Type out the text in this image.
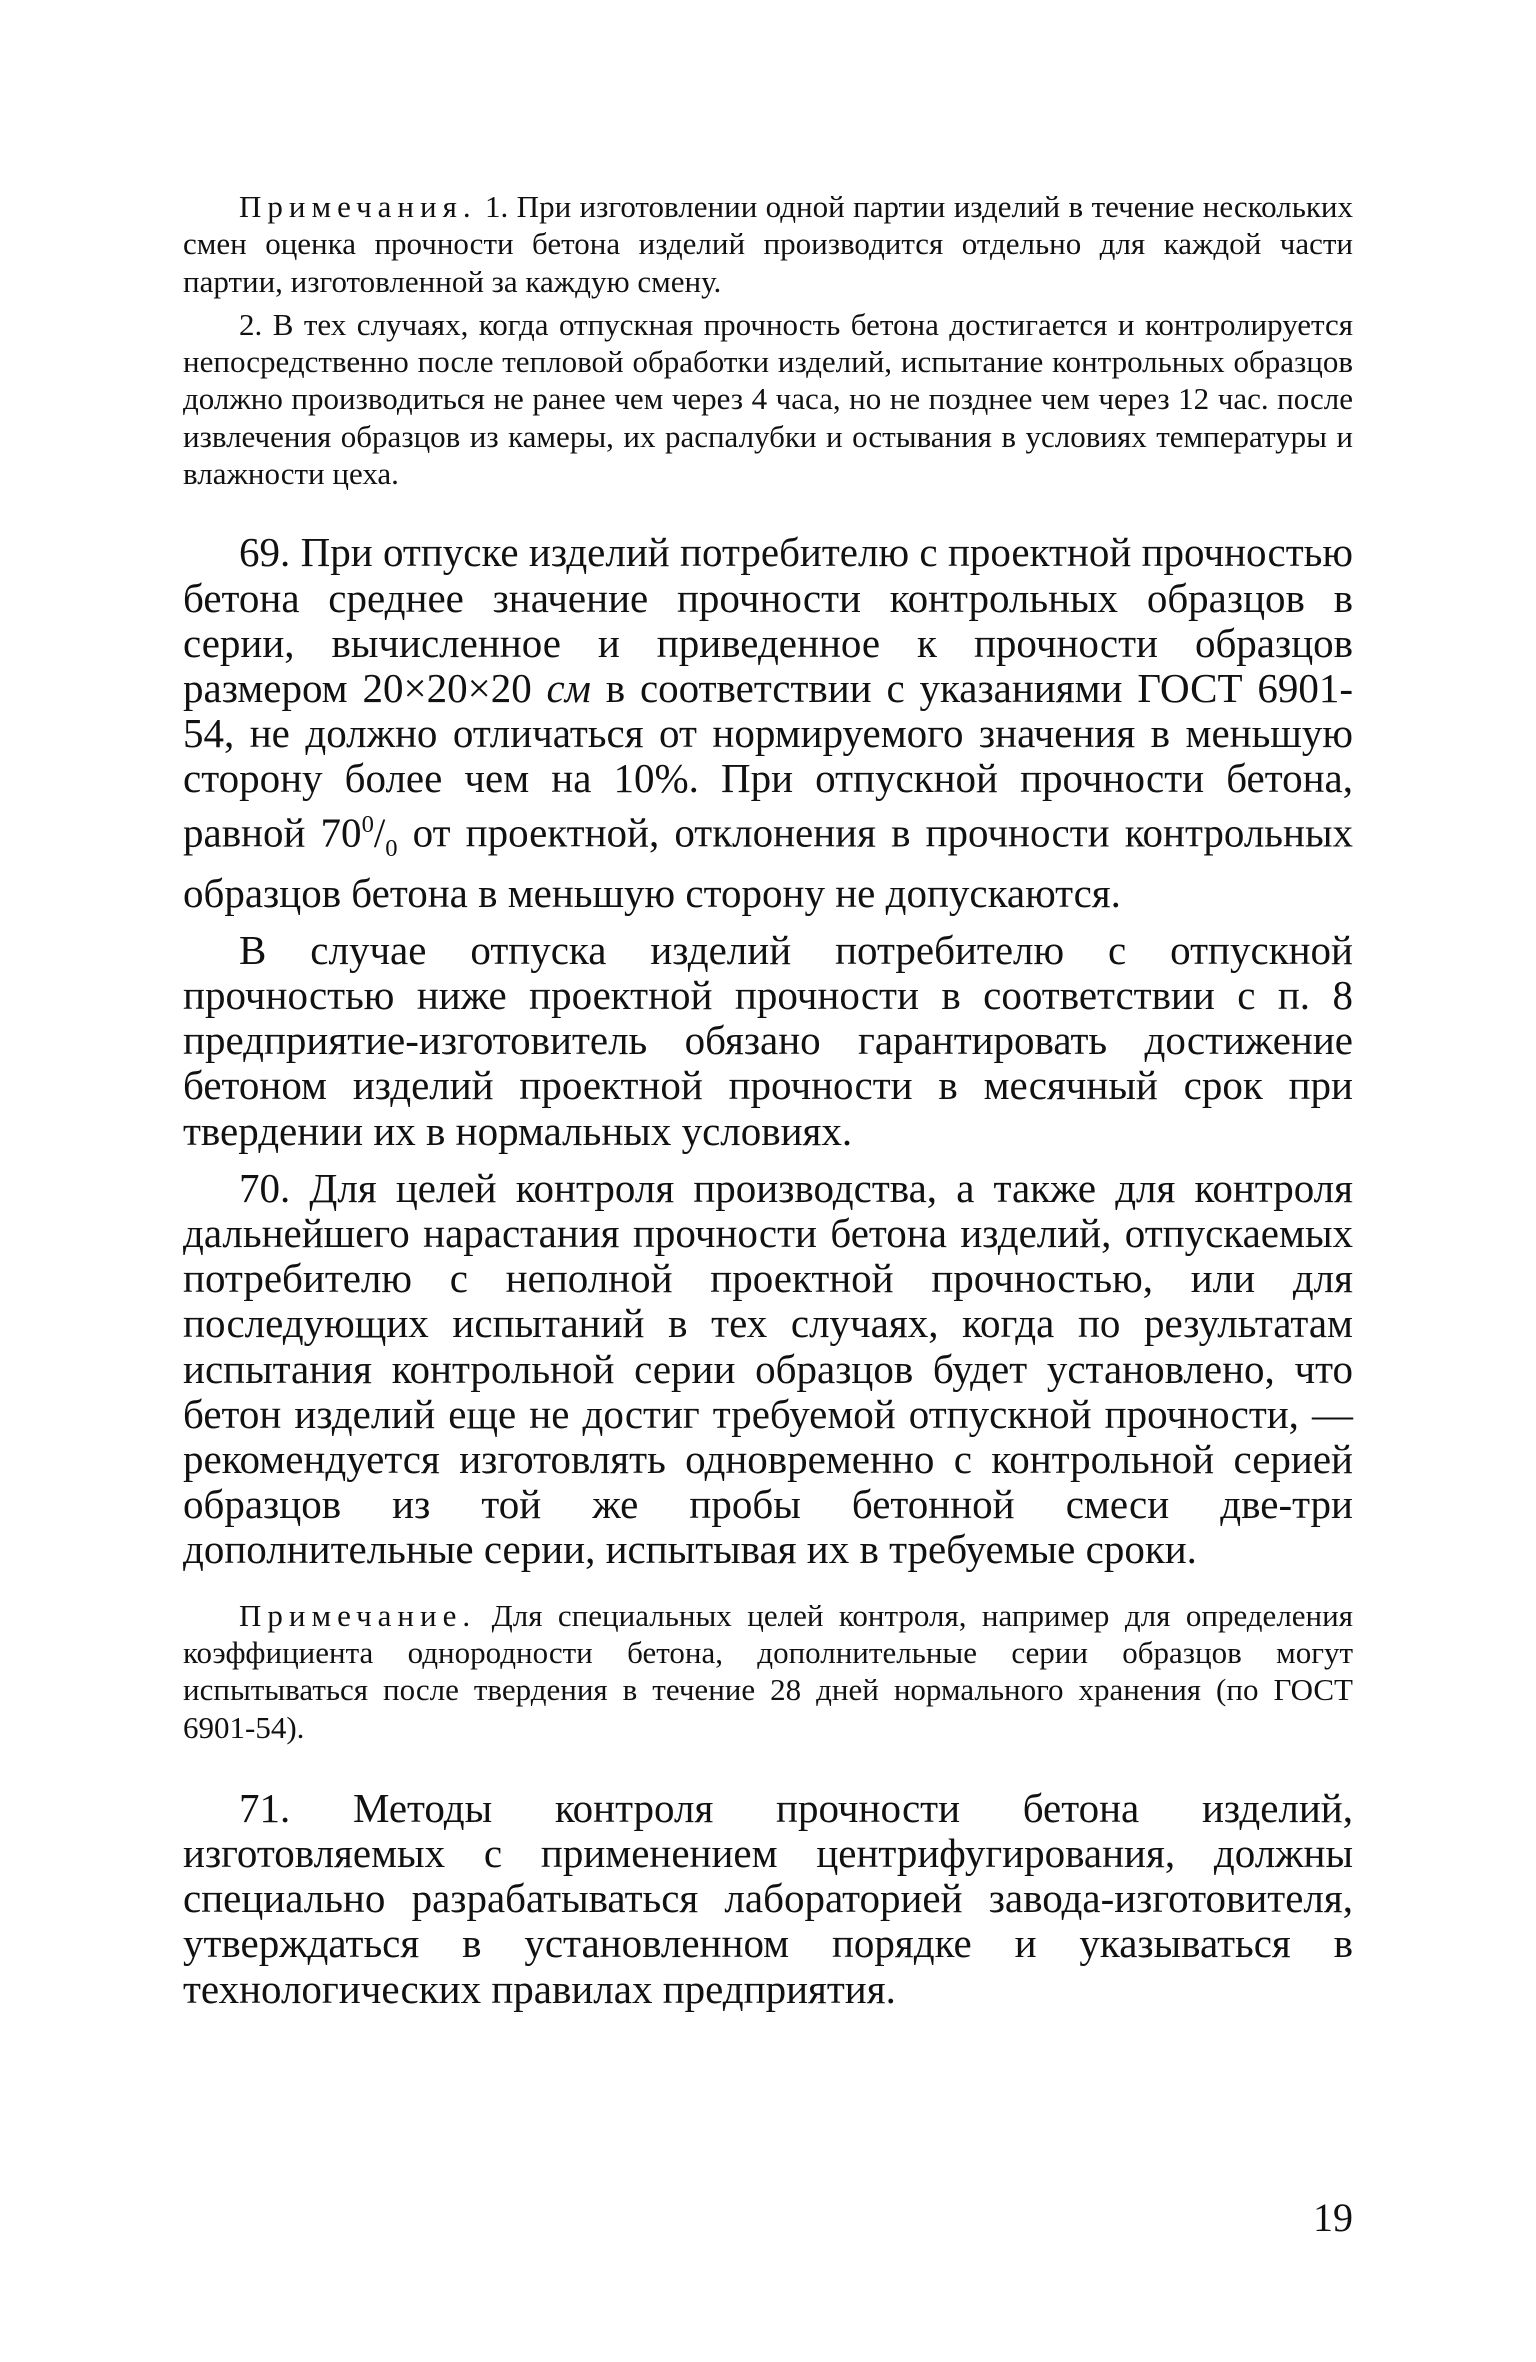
Примечания. 1. При изготовлении одной партии изделий в течение нескольких смен оценка прочности бетона изделий производится отдельно для каждой части партии, изготовленной за каждую смену.

2. В тех случаях, когда отпускная прочность бетона достигается и контролируется непосредственно после тепловой обработки изделий, испытание контрольных образцов должно производиться не ранее чем через 4 часа, но не позднее чем через 12 час. после извлечения образцов из камеры, их распалубки и остывания в условиях температуры и влажности цеха.

69. При отпуске изделий потребителю с проектной прочностью бетона среднее значение прочности контрольных образцов в серии, вычисленное и приведенное к прочности образцов размером 20×20×20 см в соответствии с указаниями ГОСТ 6901-54, не должно отличаться от нормируемого значения в меньшую сторону более чем на 10%. При отпускной прочности бетона, равной $70^0/_0$ от проектной, отклонения в прочности контрольных образцов бетона в меньшую сторону не допускаются.

В случае отпуска изделий потребителю с отпускной прочностью ниже проектной прочности в соответствии с п. 8 предприятие-изготовитель обязано гарантировать достижение бетоном изделий проектной прочности в месячный срок при твердении их в нормальных условиях.

70. Для целей контроля производства, а также для контроля дальнейшего нарастания прочности бетона изделий, отпускаемых потребителю с неполной проектной прочностью, или для последующих испытаний в тех случаях, когда по результатам испытания контрольной серии образцов будет установлено, что бетон изделий еще не достиг требуемой отпускной прочности, — рекомендуется изготовлять одновременно с контрольной серией образцов из той же пробы бетонной смеси две-три дополнительные серии, испытывая их в требуемые сроки.

Примечание. Для специальных целей контроля, например для определения коэффициента однородности бетона, дополнительные серии образцов могут испытываться после твердения в течение 28 дней нормального хранения (по ГОСТ 6901-54).

71. Методы контроля прочности бетона изделий, изготовляемых с применением центрифугирования, должны специально разрабатываться лабораторией завода-изготовителя, утверждаться в установленном порядке и указываться в технологических правилах предприятия.

19
